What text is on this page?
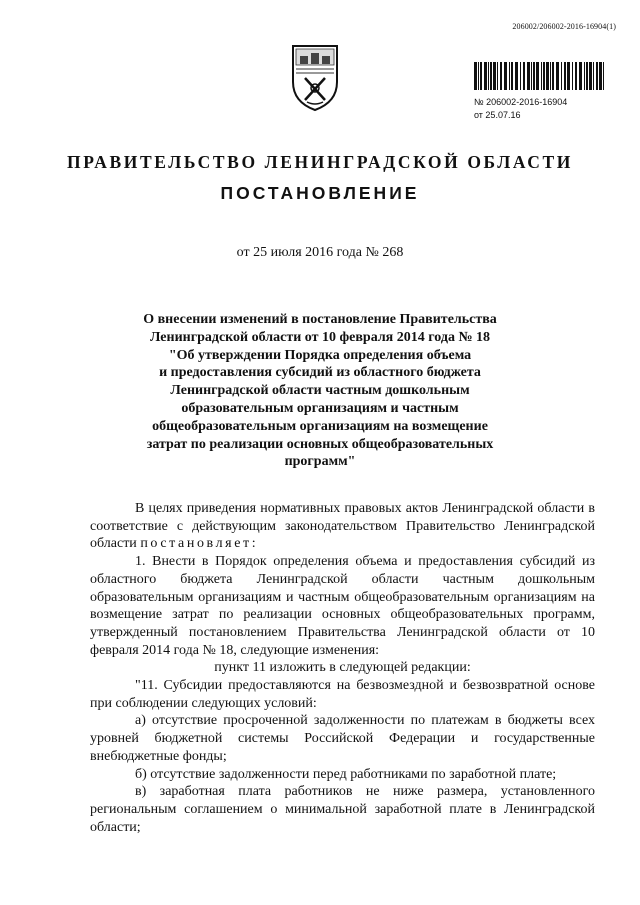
206002/206002-2016-16904(1)
№ 206002-2016-16904
от 25.07.16
ПРАВИТЕЛЬСТВО ЛЕНИНГРАДСКОЙ ОБЛАСТИ
ПОСТАНОВЛЕНИЕ
от 25 июля 2016 года № 268
О внесении изменений в постановление Правительства
Ленинградской области от 10 февраля 2014 года № 18
"Об утверждении Порядка определения объема
и предоставления субсидий из областного бюджета
Ленинградской области частным дошкольным
образовательным организациям и частным
общеобразовательным организациям на возмещение
затрат по реализации основных общеобразовательных
программ"

В целях приведения нормативных правовых актов Ленинградской области в соответствие с действующим законодательством Правительство Ленинградской области постановляет:

1. Внести в Порядок определения объема и предоставления субсидий из областного бюджета Ленинградской области частным дошкольным образовательным организациям и частным общеобразовательным организациям на возмещение затрат по реализации основных общеобразовательных программ, утвержденный постановлением Правительства Ленинградской области от 10 февраля 2014 года № 18, следующие изменения:

пункт 11 изложить в следующей редакции:

"11. Субсидии предоставляются на безвозмездной и безвозвратной основе при соблюдении следующих условий:

а) отсутствие просроченной задолженности по платежам в бюджеты всех уровней бюджетной системы Российской Федерации и государственные внебюджетные фонды;

б) отсутствие задолженности перед работниками по заработной плате;

в) заработная плата работников не ниже размера, установленного региональным соглашением о минимальной заработной плате в Ленинградской области;
